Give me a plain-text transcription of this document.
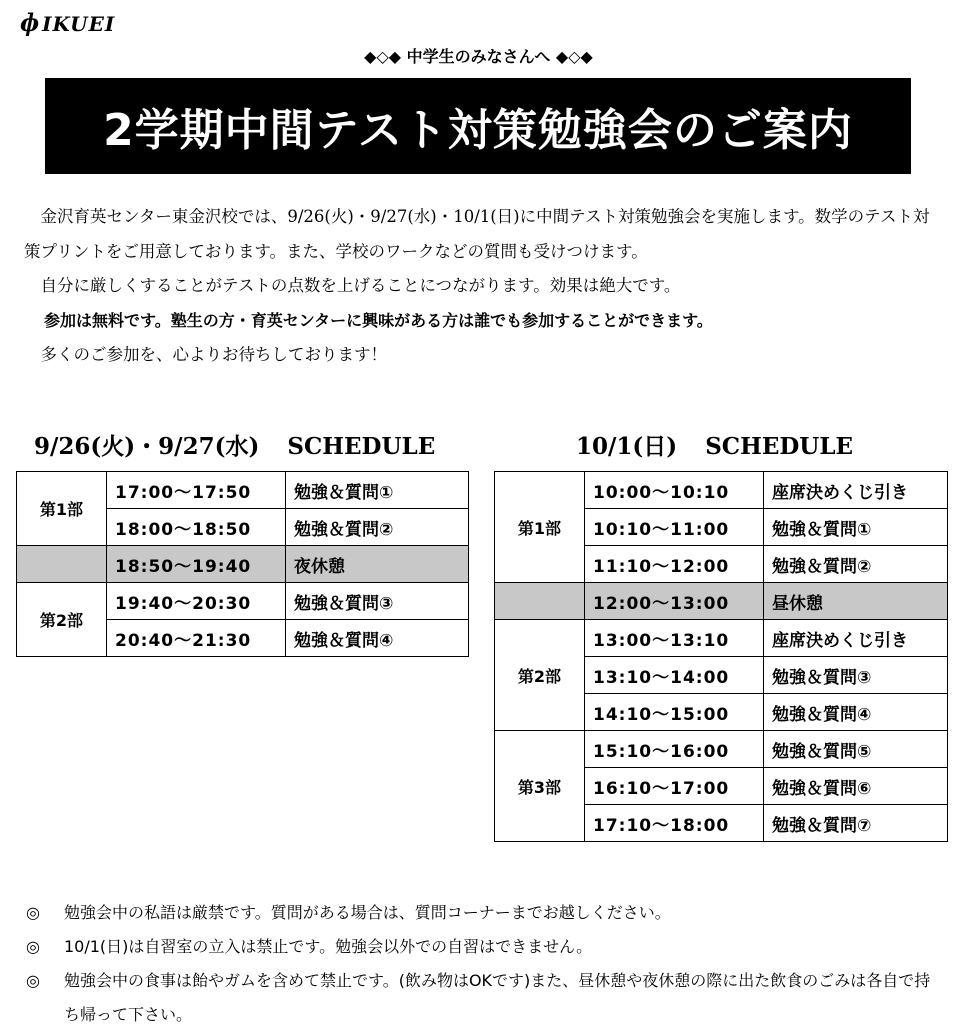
ɸ IKUEI
◆◇◆ 中学生のみなさんへ ◆◇◆
2学期中間テスト対策勉強会のご案内

金沢育英センター東金沢校では、9/26(火)・9/27(水)・10/1(日)に中間テスト対策勉強会を実施します。数学のテスト対策プリントをご用意しております。また、学校のワークなどの質問も受けつけます。

自分に厳しくすることがテストの点数を上げることにつながります。効果は絶大です。

参加は無料です。塾生の方・育英センターに興味がある方は誰でも参加することができます。

多くのご参加を、心よりお待ちしております！

9/26(火)・9/27(水) SCHEDULE
第1部	17:00〜17:50	勉強＆質問①
	18:00〜18:50	勉強＆質問②
	18:50〜19:40	夜休憩
第2部	19:40〜20:30	勉強＆質問③
	20:40〜21:30	勉強＆質問④
10/1(日) SCHEDULE
第1部	10:00〜10:10	座席決めくじ引き
	10:10〜11:00	勉強＆質問①
	11:10〜12:00	勉強＆質問②
	12:00〜13:00	昼休憩
第2部	13:00〜13:10	座席決めくじ引き
	13:10〜14:00	勉強＆質問③
	14:10〜15:00	勉強＆質問④
第3部	15:10〜16:00	勉強＆質問⑤
	16:10〜17:00	勉強＆質問⑥
	17:10〜18:00	勉強＆質問⑦
◎ 勉強会中の私語は厳禁です。質問がある場合は、質問コーナーまでお越しください。
◎ 10/1(日)は自習室の立入は禁止です。勉強会以外での自習はできません。
◎ 勉強会中の食事は飴やガムを含めて禁止です。(飲み物はOKです)また、昼休憩や夜休憩の際に出た飲食のごみは各自で持ち帰って下さい。
